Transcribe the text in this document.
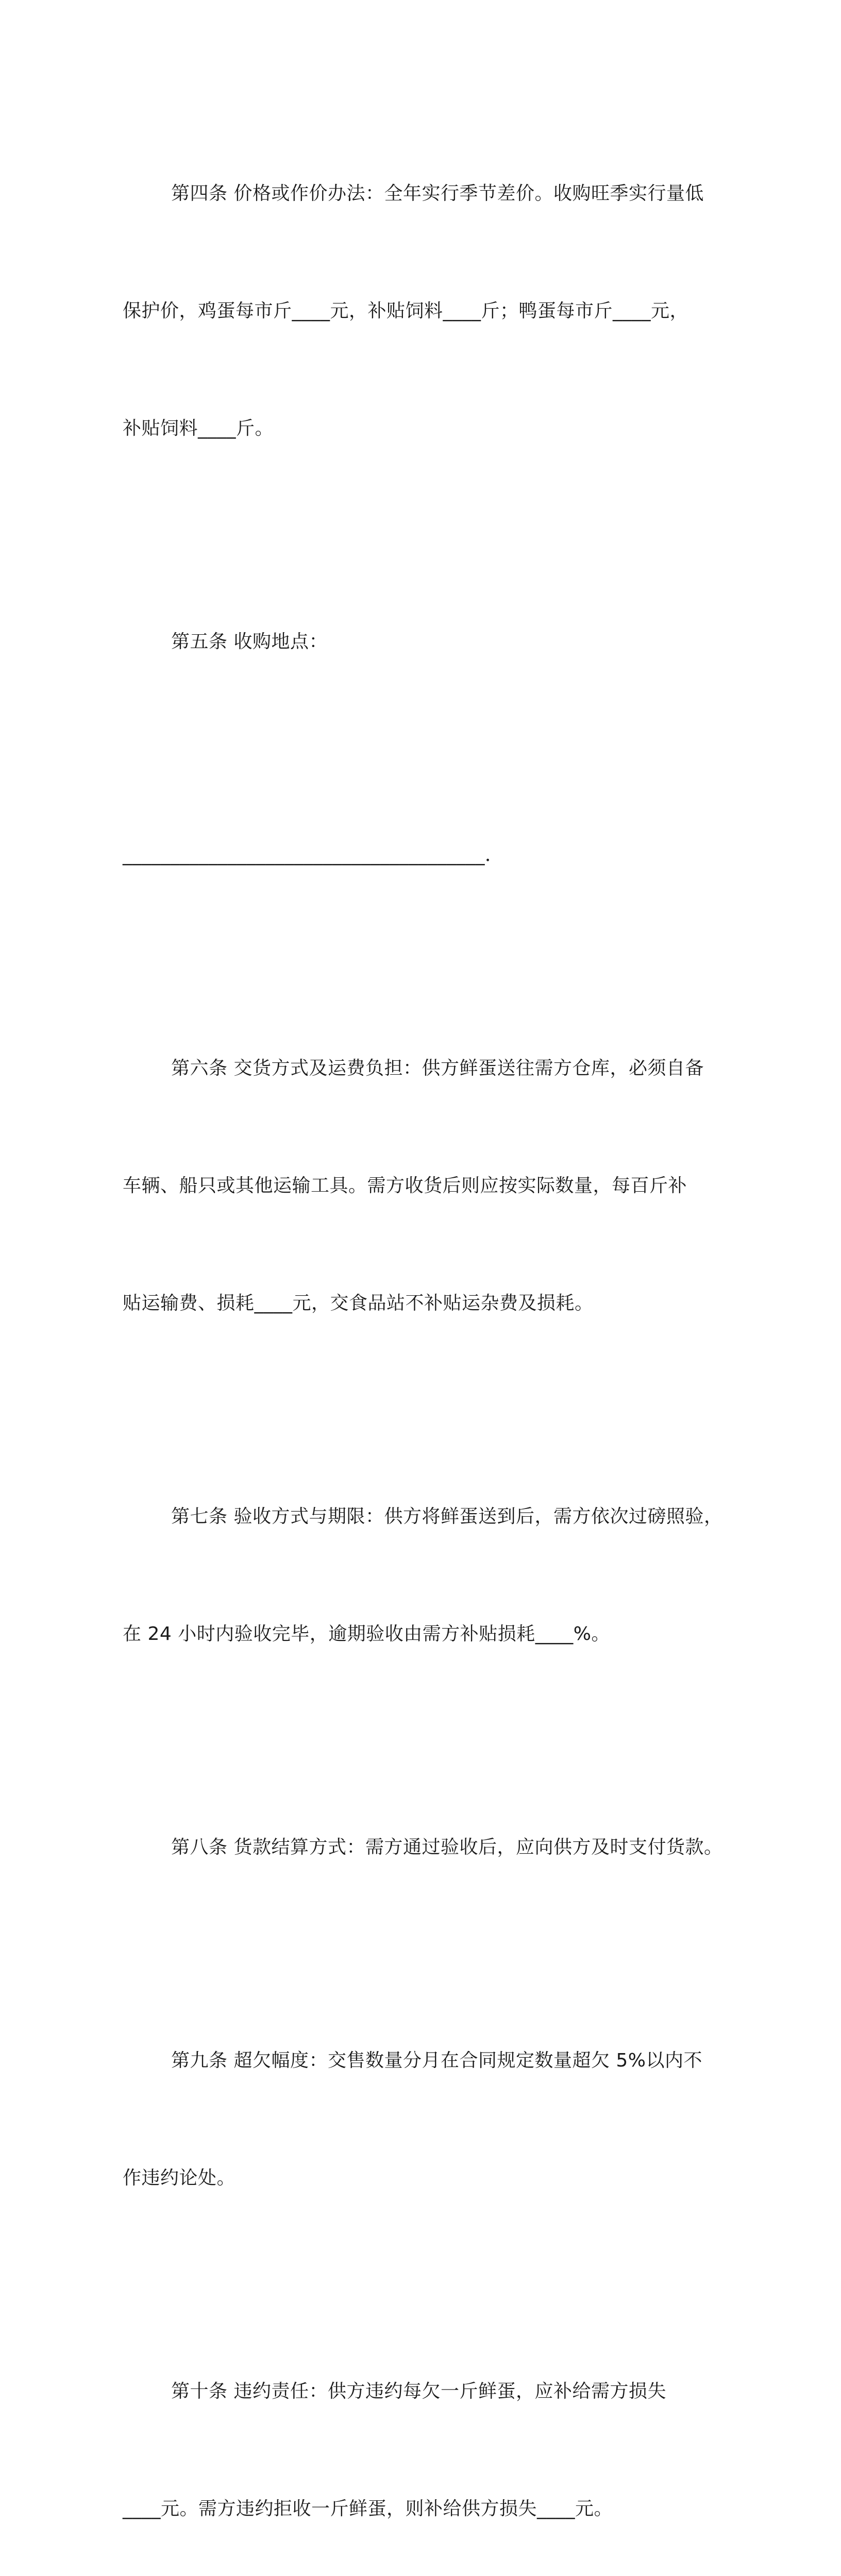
第四条 价格或作价办法：全年实行季节差价。收购旺季实行量低

保护价，鸡蛋每市斤____元，补贴饲料____斤；鸭蛋每市斤____元，

补贴饲料____斤。

第五条 收购地点：

______________________________________．

第六条 交货方式及运费负担：供方鲜蛋送往需方仓库，必须自备

车辆、船只或其他运输工具。需方收货后则应按实际数量，每百斤补

贴运输费、损耗____元，交食品站不补贴运杂费及损耗。

第七条 验收方式与期限：供方将鲜蛋送到后，需方依次过磅照验，

在 24 小时内验收完毕，逾期验收由需方补贴损耗____%。

第八条 货款结算方式：需方通过验收后，应向供方及时支付货款。

第九条 超欠幅度：交售数量分月在合同规定数量超欠 5%以内不

作违约论处。

第十条 违约责任：供方违约每欠一斤鲜蛋，应补给需方损失

____元。需方违约拒收一斤鲜蛋，则补给供方损失____元。
